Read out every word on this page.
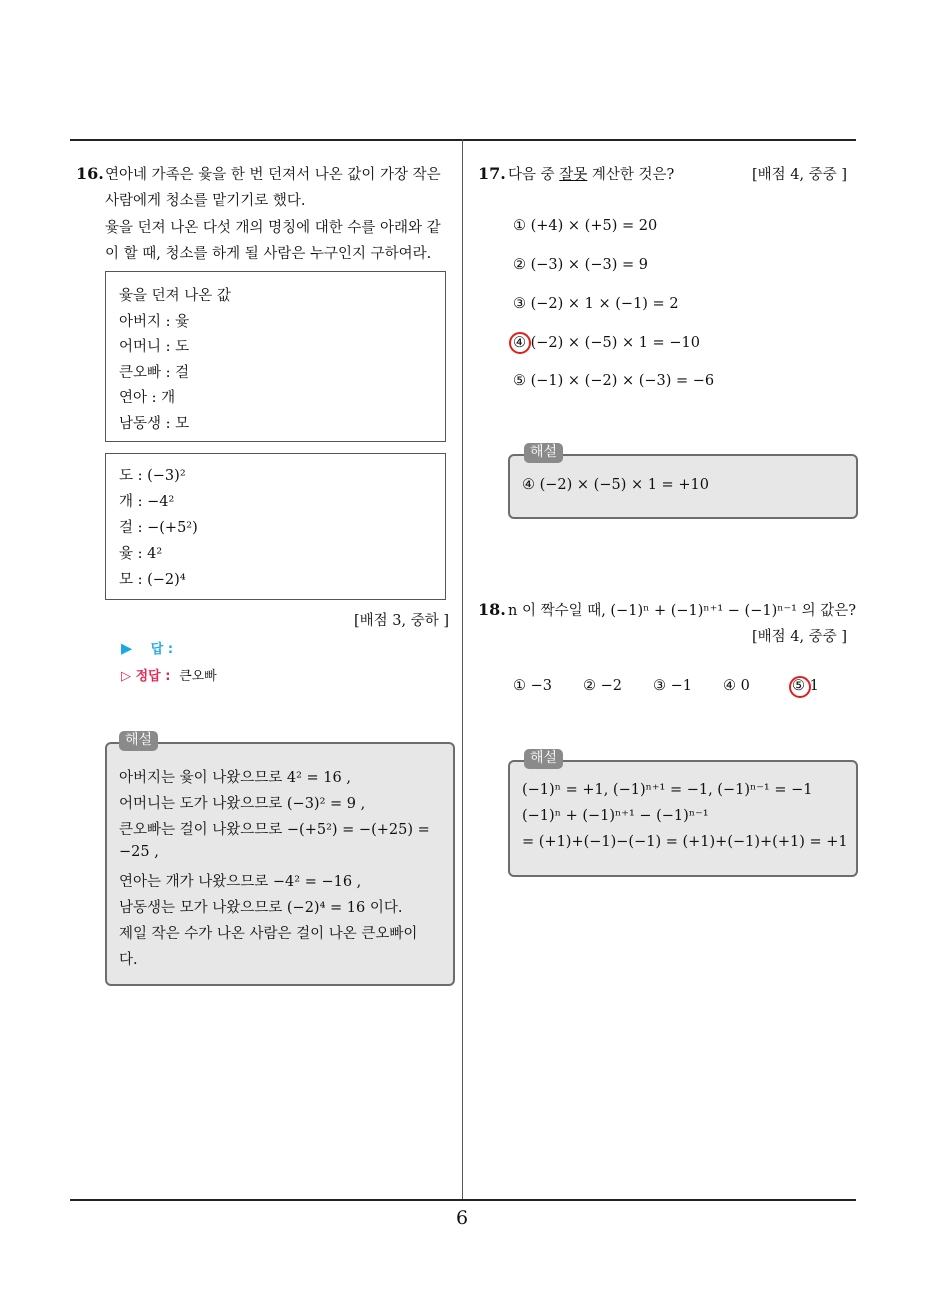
16. 연아네 가족은 윷을 한 번 던져서 나온 값이 가장 작은
사람에게 청소를 맡기기로 했다.
윷을 던져 나온 다섯 개의 명칭에 대한 수를 아래와 같
이 할 때, 청소를 하게 될 사람은 누구인지 구하여라.
윷을 던져 나온 값
아버지 : 윷
어머니 : 도
큰오빠 : 걸
연아 : 개
남동생 : 모
도 : (−3)²
개 : −4²
걸 : −(+5²)
윷 : 4²
모 : (−2)⁴
[배점 3, 중하 ]
▶ 답 :
▷ 정답 : 큰오빠
아버지는 윷이 나왔으므로 4² = 16 ,
어머니는 도가 나왔으므로 (−3)² = 9 ,
큰오빠는 걸이 나왔으므로 −(+5²) = −(+25) =
−25 ,
연아는 개가 나왔으므로 −4² = −16 ,
남동생는 모가 나왔으므로 (−2)⁴ = 16 이다.
제일 작은 수가 나온 사람은 걸이 나온 큰오빠이
다.
해설
17. 다음 중 잘못 계산한 것은?	[배점 4, 중중 ]
① (+4) × (+5) = 20
② (−3) × (−3) = 9
③ (−2) × 1 × (−1) = 2
④ (−2) × (−5) × 1 = −10
⑤ (−1) × (−2) × (−3) = −6
④ (−2) × (−5) × 1 = +10
해설
18. n 이 짝수일 때, (−1)ⁿ + (−1)ⁿ⁺¹ − (−1)ⁿ⁻¹ 의 값은?
[배점 4, 중중 ]
① −3 ② −2 ③ −1 ④ 0	⑤ 1
(−1)ⁿ = +1, (−1)ⁿ⁺¹ = −1, (−1)ⁿ⁻¹ = −1
(−1)ⁿ + (−1)ⁿ⁺¹ − (−1)ⁿ⁻¹
= (+1)+(−1)−(−1) = (+1)+(−1)+(+1) = +1
해설
6
